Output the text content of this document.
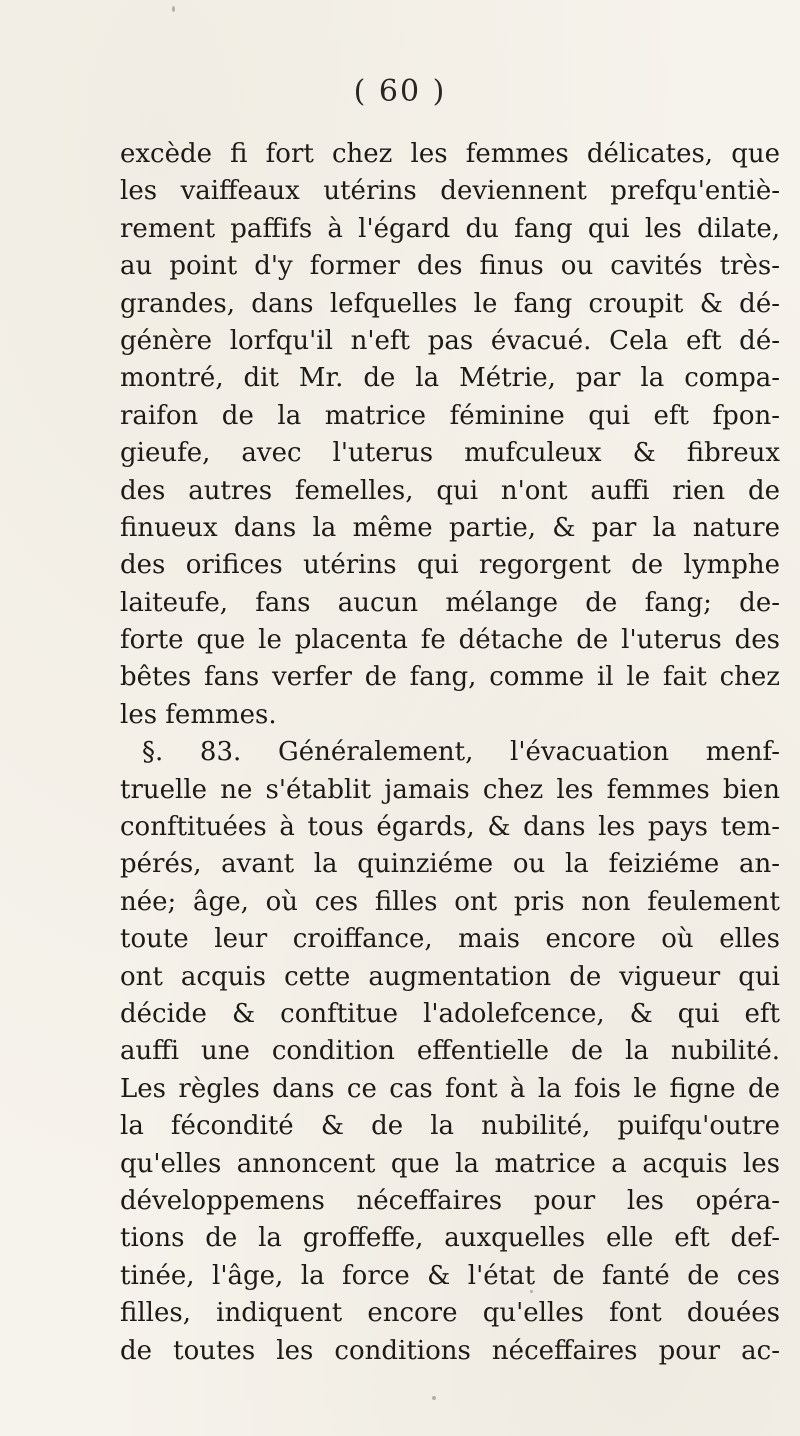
( 60 )
excède fi fort chez les femmes délicates, que
les vaiffeaux utérins deviennent prefqu'entiè-
rement paffifs à l'égard du fang qui les dilate,
au point d'y former des finus ou cavités très-
grandes, dans lefquelles le fang croupit & dé-
génère lorfqu'il n'eft pas évacué. Cela eft dé-
montré, dit Mr. de la Métrie, par la compa-
raifon de la matrice féminine qui eft fpon-
gieufe, avec l'uterus mufculeux & fibreux
des autres femelles, qui n'ont auffi rien de
finueux dans la même partie, & par la nature
des orifices utérins qui regorgent de lymphe
laiteufe, fans aucun mélange de fang; de-
forte que le placenta fe détache de l'uterus des
bêtes fans verfer de fang, comme il le fait chez
les femmes.
§. 83. Généralement, l'évacuation menf-
truelle ne s'établit jamais chez les femmes bien
conftituées à tous égards, & dans les pays tem-
pérés, avant la quinziéme ou la feiziéme an-
née; âge, où ces filles ont pris non feulement
toute leur croiffance, mais encore où elles
ont acquis cette augmentation de vigueur qui
décide & conftitue l'adolefcence, & qui eft
auffi une condition effentielle de la nubilité.
Les règles dans ce cas font à la fois le figne de
la fécondité & de la nubilité, puifqu'outre
qu'elles annoncent que la matrice a acquis les
développemens néceffaires pour les opéra-
tions de la groffeffe, auxquelles elle eft def-
tinée, l'âge, la force & l'état de fanté de ces
filles, indiquent encore qu'elles font douées
de toutes les conditions néceffaires pour ac-
